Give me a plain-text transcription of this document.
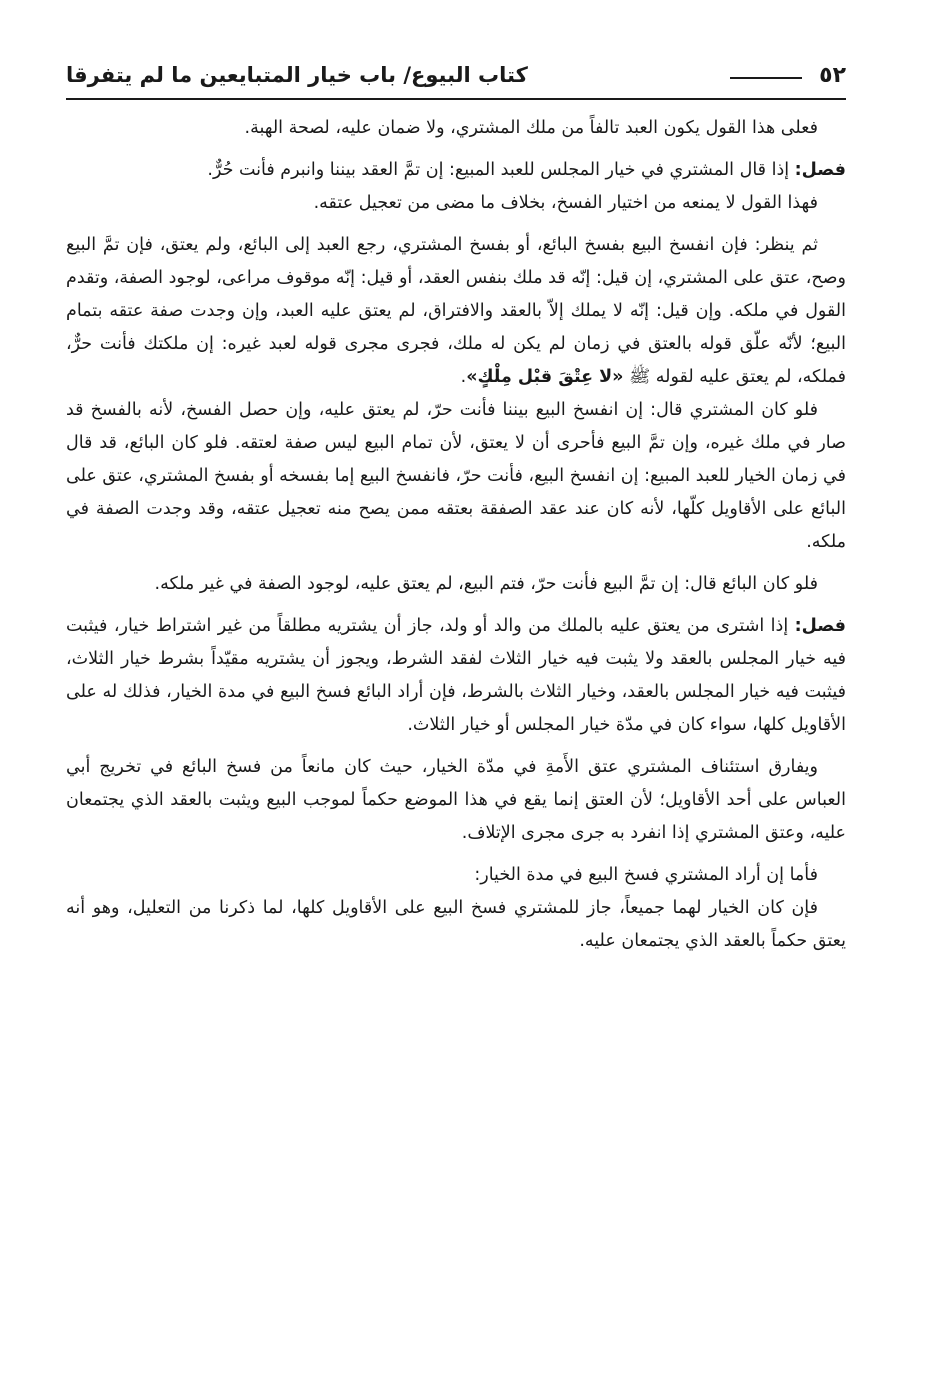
٥٢
كتاب البيوع/ باب خيار المتبايعين ما لم يتفرقا

فعلى هذا القول يكون العبد تالفاً من ملك المشتري، ولا ضمان عليه، لصحة الهبة.

فصل: إذا قال المشتري في خيار المجلس للعبد المبيع: إن تمَّ العقد بيننا وانبرم فأنت حُرٌّ.

فهذا القول لا يمنعه من اختيار الفسخ، بخلاف ما مضى من تعجيل عتقه.

ثم ينظر: فإن انفسخ البيع بفسخ البائع، أو بفسخ المشتري، رجع العبد إلى البائع، ولم يعتق، فإن تمَّ البيع وصح، عتق على المشتري، إن قيل: إنّه قد ملك بنفس العقد، أو قيل: إنّه موقوف مراعى، لوجود الصفة، وتقدم القول في ملكه. وإن قيل: إنّه لا يملك إلاّ بالعقد والافتراق، لم يعتق عليه العبد، وإن وجدت صفة عتقه بتمام البيع؛ لأنّه علّق قوله بالعتق في زمان لم يكن له ملك، فجرى مجرى قوله لعبد غيره: إن ملكتك فأنت حرٌّ، فملكه، لم يعتق عليه لقوله ﷺ «لا عِتْقَ قبْل مِلْكٍ».

فلو كان المشتري قال: إن انفسخ البيع بيننا فأنت حرّ، لم يعتق عليه، وإن حصل الفسخ، لأنه بالفسخ قد صار في ملك غيره، وإن تمَّ البيع فأحرى أن لا يعتق، لأن تمام البيع ليس صفة لعتقه. فلو كان البائع، قد قال في زمان الخيار للعبد المبيع: إن انفسخ البيع، فأنت حرّ، فانفسخ البيع إما بفسخه أو بفسخ المشتري، عتق على البائع على الأقاويل كلّها، لأنه كان عند عقد الصفقة بعتقه ممن يصح منه تعجيل عتقه، وقد وجدت الصفة في ملكه.

فلو كان البائع قال: إن تمَّ البيع فأنت حرّ، فتم البيع، لم يعتق عليه، لوجود الصفة في غير ملكه.

فصل: إذا اشترى من يعتق عليه بالملك من والد أو ولد، جاز أن يشتريه مطلقاً من غير اشتراط خيار، فيثبت فيه خيار المجلس بالعقد ولا يثبت فيه خيار الثلاث لفقد الشرط، ويجوز أن يشتريه مقيّداً بشرط خيار الثلاث، فيثبت فيه خيار المجلس بالعقد، وخيار الثلاث بالشرط، فإن أراد البائع فسخ البيع في مدة الخيار، فذلك له على الأقاويل كلها، سواء كان في مدّة خيار المجلس أو خيار الثلاث.

ويفارق استئناف المشتري عتق الأَمةِ في مدّة الخيار، حيث كان مانعاً من فسخ البائع في تخريج أبي العباس على أحد الأقاويل؛ لأن العتق إنما يقع في هذا الموضع حكماً لموجب البيع ويثبت بالعقد الذي يجتمعان عليه، وعتق المشتري إذا انفرد به جرى مجرى الإتلاف.

فأما إن أراد المشتري فسخ البيع في مدة الخيار:

فإن كان الخيار لهما جميعاً، جاز للمشتري فسخ البيع على الأقاويل كلها، لما ذكرنا من التعليل، وهو أنه يعتق حكماً بالعقد الذي يجتمعان عليه.
